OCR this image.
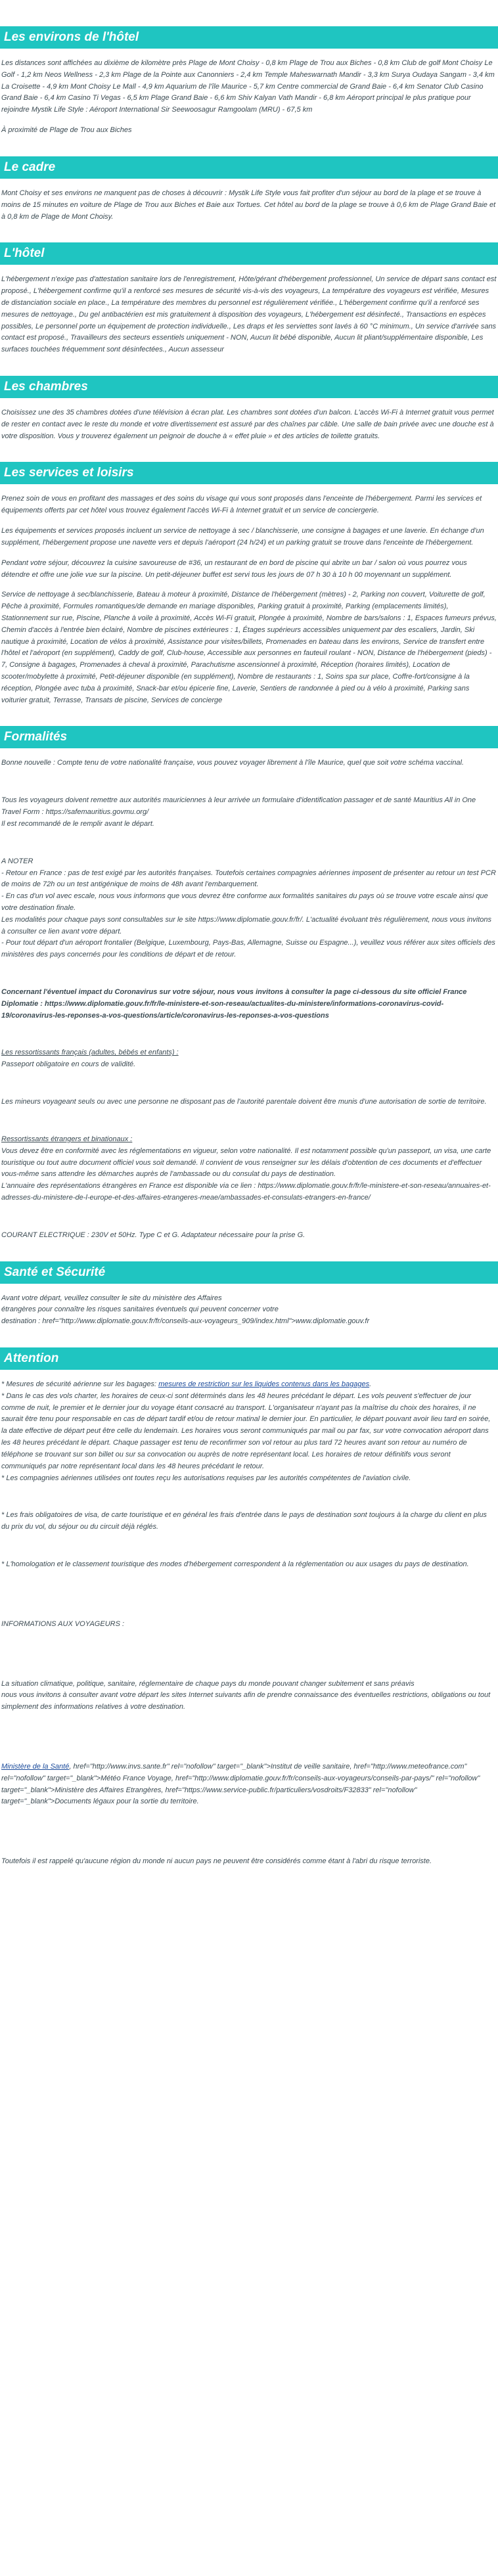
Les environs de l'hôtel

Les distances sont affichées au dixième de kilomètre près Plage de Mont Choisy - 0,8 km Plage de Trou aux Biches - 0,8 km Club de golf Mont Choisy Le Golf - 1,2 km Neos Wellness - 2,3 km Plage de la Pointe aux Canonniers - 2,4 km Temple Maheswarnath Mandir - 3,3 km Surya Oudaya Sangam - 3,4 km La Croisette - 4,9 km Mont Choisy Le Mall - 4,9 km Aquarium de l'île Maurice - 5,7 km Centre commercial de Grand Baie - 6,4 km Senator Club Casino Grand Baie - 6,4 km Casino Ti Vegas - 6,5 km Plage Grand Baie - 6,6 km Shiv Kalyan Vath Mandir - 6,8 km Aéroport principal le plus pratique pour rejoindre Mystik Life Style : Aéroport International Sir Seewoosagur Ramgoolam (MRU) - 67,5 km

À proximité de Plage de Trou aux Biches

Le cadre

Mont Choisy et ses environs ne manquent pas de choses à découvrir : Mystik Life Style vous fait profiter d'un séjour au bord de la plage et se trouve à moins de 15 minutes en voiture de Plage de Trou aux Biches et Baie aux Tortues. Cet hôtel au bord de la plage se trouve à 0,6 km de Plage Grand Baie et à 0,8 km de Plage de Mont Choisy.

L'hôtel

L'hébergement n'exige pas d'attestation sanitaire lors de l'enregistrement, Hôte/gérant d'hébergement professionnel, Un service de départ sans contact est proposé., L'hébergement confirme qu'il a renforcé ses mesures de sécurité vis-à-vis des voyageurs, La température des voyageurs est vérifiée, Mesures de distanciation sociale en place., La température des membres du personnel est régulièrement vérifiée., L'hébergement confirme qu'il a renforcé ses mesures de nettoyage., Du gel antibactérien est mis gratuitement à disposition des voyageurs, L'hébergement est désinfecté., Transactions en espèces possibles, Le personnel porte un équipement de protection individuelle., Les draps et les serviettes sont lavés à 60 °C minimum., Un service d'arrivée sans contact est proposé., Travailleurs des secteurs essentiels uniquement - NON, Aucun lit bébé disponible, Aucun lit pliant/supplémentaire disponible, Les surfaces touchées fréquemment sont désinfectées., Aucun assesseur

Les chambres

Choisissez une des 35 chambres dotées d'une télévision à écran plat. Les chambres sont dotées d'un balcon. L'accès Wi-Fi à Internet gratuit vous permet de rester en contact avec le reste du monde et votre divertissement est assuré par des chaînes par câble. Une salle de bain privée avec une douche est à votre disposition. Vous y trouverez également un peignoir de douche à « effet pluie » et des articles de toilette gratuits.

Les services et loisirs

Prenez soin de vous en profitant des massages et des soins du visage qui vous sont proposés dans l'enceinte de l'hébergement. Parmi les services et équipements offerts par cet hôtel vous trouvez également l'accès Wi-Fi à Internet gratuit et un service de conciergerie.

Les équipements et services proposés incluent un service de nettoyage à sec / blanchisserie, une consigne à bagages et une laverie. En échange d'un supplément, l'hébergement propose une navette vers et depuis l'aéroport (24 h/24) et un parking gratuit se trouve dans l'enceinte de l'hébergement.

Pendant votre séjour, découvrez la cuisine savoureuse de #36, un restaurant de en bord de piscine qui abrite un bar / salon où vous pourrez vous détendre et offre une jolie vue sur la piscine. Un petit-déjeuner buffet est servi tous les jours de 07 h 30 à 10 h 00 moyennant un supplément.

Service de nettoyage à sec/blanchisserie, Bateau à moteur à proximité, Distance de l'hébergement (mètres) - 2, Parking non couvert, Voiturette de golf, Pêche à proximité, Formules romantiques/de demande en mariage disponibles, Parking gratuit à proximité, Parking (emplacements limités), Stationnement sur rue, Piscine, Planche à voile à proximité, Accès Wi-Fi gratuit, Plongée à proximité, Nombre de bars/salons : 1, Espaces fumeurs prévus, Chemin d'accès à l'entrée bien éclairé, Nombre de piscines extérieures : 1, Étages supérieurs accessibles uniquement par des escaliers, Jardin, Ski nautique à proximité, Location de vélos à proximité, Assistance pour visites/billets, Promenades en bateau dans les environs, Service de transfert entre l'hôtel et l'aéroport (en supplément), Caddy de golf, Club-house, Accessible aux personnes en fauteuil roulant - NON, Distance de l'hébergement (pieds) - 7, Consigne à bagages, Promenades à cheval à proximité, Parachutisme ascensionnel à proximité, Réception (horaires limités), Location de scooter/mobylette à proximité, Petit-déjeuner disponible (en supplément), Nombre de restaurants : 1, Soins spa sur place, Coffre-fort/consigne à la réception, Plongée avec tuba à proximité, Snack-bar et/ou épicerie fine, Laverie, Sentiers de randonnée à pied ou à vélo à proximité, Parking sans voiturier gratuit, Terrasse, Transats de piscine, Services de concierge

Formalités

Bonne nouvelle : Compte tenu de votre nationalité française, vous pouvez voyager librement à l'île Maurice, quel que soit votre schéma vaccinal.

Tous les voyageurs doivent remettre aux autorités mauriciennes à leur arrivée un formulaire d'identification passager et de santé Mauritius All in One Travel Form : https://safemauritius.govmu.org/
Il est recommandé de le remplir avant le départ.

A NOTER
- Retour en France : pas de test exigé par les autorités françaises. Toutefois certaines compagnies aériennes imposent de présenter au retour un test PCR de moins de 72h ou un test antigénique de moins de 48h avant l'embarquement.
- En cas d'un vol avec escale, nous vous informons que vous devrez être conforme aux formalités sanitaires du pays où se trouve votre escale ainsi que votre destination finale.
Les modalités pour chaque pays sont consultables sur le site https://www.diplomatie.gouv.fr/fr/. L'actualité évoluant très régulièrement, nous vous invitons à consulter ce lien avant votre départ.
- Pour tout départ d'un aéroport frontalier (Belgique, Luxembourg, Pays-Bas, Allemagne, Suisse ou Espagne...), veuillez vous référer aux sites officiels des ministères des pays concernés pour les conditions de départ et de retour.

Concernant l'éventuel impact du Coronavirus sur votre séjour, nous vous invitons à consulter la page ci-dessous du site officiel France Diplomatie : https://www.diplomatie.gouv.fr/fr/le-ministere-et-son-reseau/actualites-du-ministere/informations-coronavirus-covid-19/coronavirus-les-reponses-a-vos-questions/article/coronavirus-les-reponses-a-vos-questions

Les ressortissants français (adultes, bébés et enfants) :
Passeport obligatoire en cours de validité.

Les mineurs voyageant seuls ou avec une personne ne disposant pas de l'autorité parentale doivent être munis d'une autorisation de sortie de territoire.

Ressortissants étrangers et binationaux :
Vous devez être en conformité avec les réglementations en vigueur, selon votre nationalité. Il est notamment possible qu'un passeport, un visa, une carte touristique ou tout autre document officiel vous soit demandé. Il convient de vous renseigner sur les délais d'obtention de ces documents et d'effectuer vous-même sans attendre les démarches auprès de l'ambassade ou du consulat du pays de destination.
L'annuaire des représentations étrangères en France est disponible via ce lien : https://www.diplomatie.gouv.fr/fr/le-ministere-et-son-reseau/annuaires-et-adresses-du-ministere-de-l-europe-et-des-affaires-etrangeres-meae/ambassades-et-consulats-etrangers-en-france/

COURANT ELECTRIQUE : 230V et 50Hz. Type C et G. Adaptateur nécessaire pour la prise G.

Santé et Sécurité

Avant votre départ, veuillez consulter le site du ministère des Affaires
étrangères pour connaître les risques sanitaires éventuels qui peuvent concerner votre
destination : href="http://www.diplomatie.gouv.fr/fr/conseils-aux-voyageurs_909/index.html">www.diplomatie.gouv.fr

Attention

* Mesures de sécurité aérienne sur les bagages: mesures de restriction sur les liquides contenus dans les bagages.
* Dans le cas des vols charter, les horaires de ceux-ci sont déterminés dans les 48 heures précédant le départ. Les vols peuvent s'effectuer de jour comme de nuit, le premier et le dernier jour du voyage étant consacré au transport. L'organisateur n'ayant pas la maîtrise du choix des horaires, il ne saurait être tenu pour responsable en cas de départ tardif et/ou de retour matinal le dernier jour. En particulier, le départ pouvant avoir lieu tard en soirée, la date effective de départ peut être celle du lendemain. Les horaires vous seront communiqués par mail ou par fax, sur votre convocation aéroport dans les 48 heures précédant le départ. Chaque passager est tenu de reconfirmer son vol retour au plus tard 72 heures avant son retour au numéro de téléphone se trouvant sur son billet ou sur sa convocation ou auprès de notre représentant local. Les horaires de retour définitifs vous seront communiqués par notre représentant local dans les 48 heures précédant le retour.
* Les compagnies aériennes utilisées ont toutes reçu les autorisations requises par les autorités compétentes de l'aviation civile.

* Les frais obligatoires de visa, de carte touristique et en général les frais d'entrée dans le pays de destination sont toujours à la charge du client en plus du prix du vol, du séjour ou du circuit déjà réglés.

* L'homologation et le classement touristique des modes d'hébergement correspondent à la réglementation ou aux usages du pays de destination.

INFORMATIONS AUX VOYAGEURS :

La situation climatique, politique, sanitaire, réglementaire de chaque pays du monde pouvant changer subitement et sans préavis
nous vous invitons à consulter avant votre départ les sites Internet suivants afin de prendre connaissance des éventuelles restrictions, obligations ou tout simplement des informations relatives à votre destination.

Ministère de la Santé, href="http://www.invs.sante.fr" rel="nofollow" target="_blank">Institut de veille sanitaire, href="http://www.meteofrance.com" rel="nofollow" target="_blank">Météo France Voyage, href="http://www.diplomatie.gouv.fr/fr/conseils-aux-voyageurs/conseils-par-pays/" rel="nofollow" target="_blank">Ministère des Affaires Etrangères, href="https://www.service-public.fr/particuliers/vosdroits/F32833" rel="nofollow" target="_blank">Documents légaux pour la sortie du territoire.

Toutefois il est rappelé qu'aucune région du monde ni aucun pays ne peuvent être considérés comme étant à l'abri du risque terroriste.
